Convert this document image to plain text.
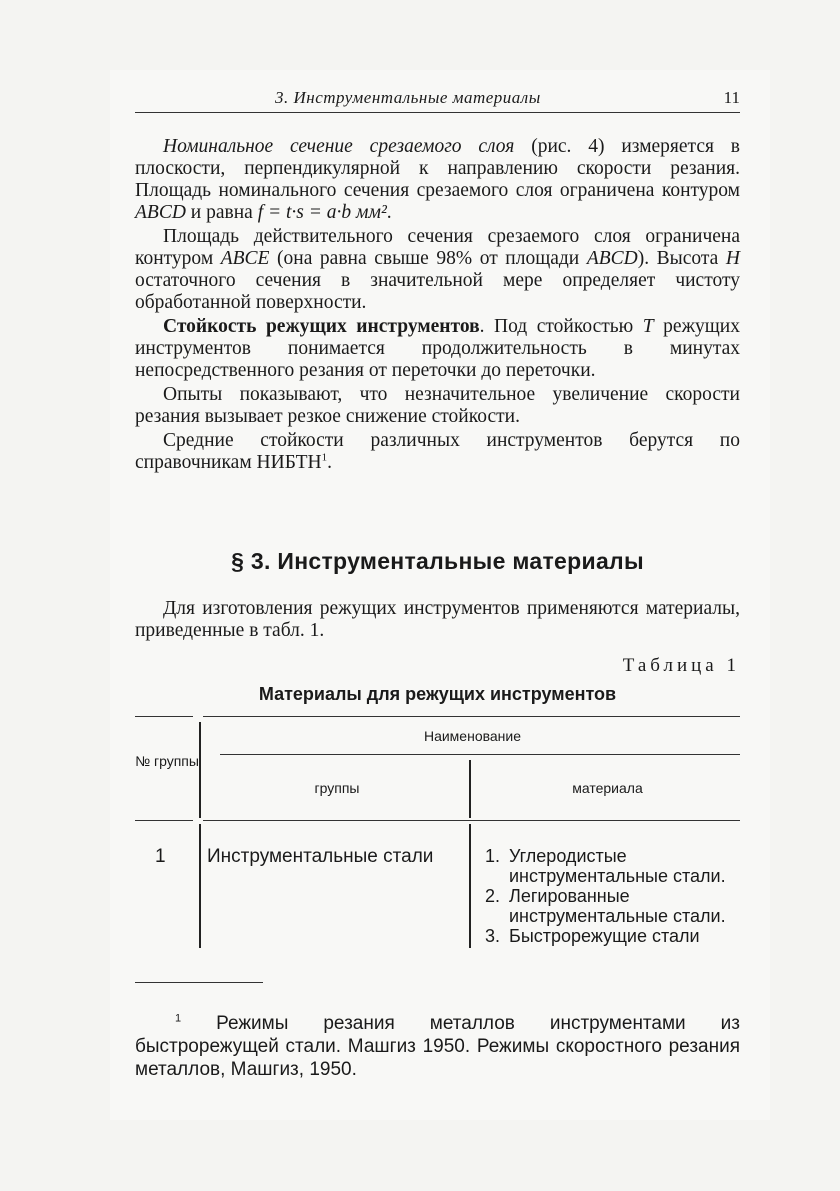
3. Инструментальные материалы	11

Номинальное сечение срезаемого слоя (рис. 4) измеряется в плоскости, перпендикулярной к направлению скорости резания. Площадь номинального сечения срезаемого слоя ограничена контуром ABCD и равна f = t·s = a·b мм².

Площадь действительного сечения срезаемого слоя ограничена контуром ABCE (она равна свыше 98% от площади ABCD). Высота H остаточного сечения в значительной мере определяет чистоту обработанной поверхности.

Стойкость режущих инструментов. Под стойкостью T режущих инструментов понимается продолжительность в минутах непосредственного резания от переточки до переточки.

Опыты показывают, что незначительное увеличение скорости резания вызывает резкое снижение стойкости.

Средние стойкости различных инструментов берутся по справочникам НИБТН$^1$.

§ 3. Инструментальные материалы
Для изготовления режущих инструментов применяются материалы, приведенные в табл. 1.
Таблица 1
Материалы для режущих инструментов
№ группы
Наименование
группы	материала
1 Инструментальные стали	1. Углеродистые инструментальные стали.
2. Легированные инструментальные стали.
3. Быстрорежущие стали
$^1$ Режимы резания металлов инструментами из быстрорежущей стали. Машгиз 1950. Режимы скоростного резания металлов, Машгиз, 1950.
